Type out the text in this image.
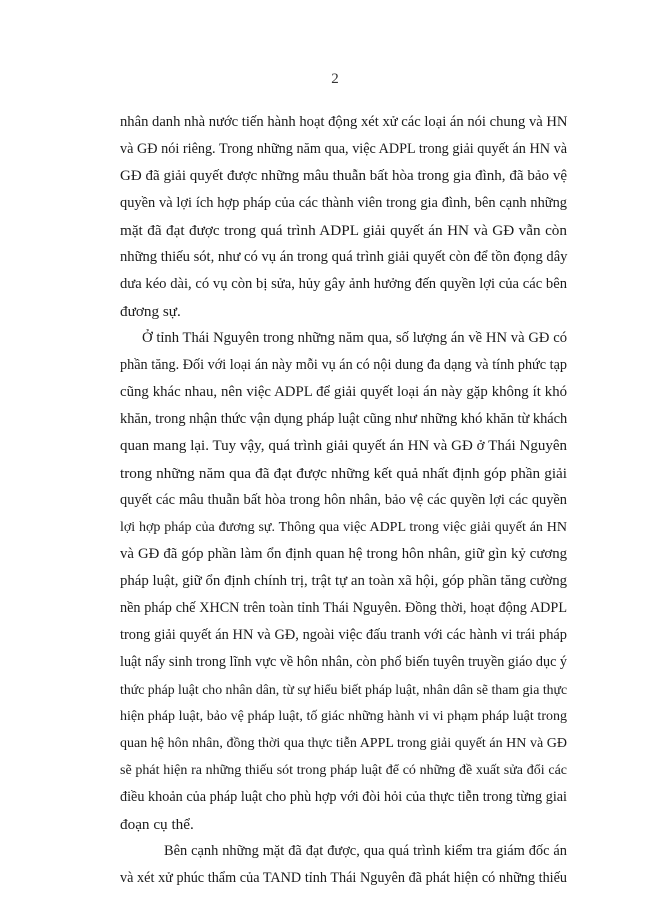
2
nhân danh nhà nước tiến hành hoạt động xét xử các loại án nói chung và HN
và GĐ nói riêng. Trong những năm qua, việc ADPL trong giải quyết án HN và
GĐ đã giải quyết được những mâu thuẫn bất hòa trong gia đình, đã bảo vệ
quyền và lợi ích hợp pháp của các thành viên trong gia đình, bên cạnh những
mặt đã đạt được trong quá trình ADPL giải quyết án HN và GĐ vẫn còn
những thiếu sót, như có vụ án trong quá trình giải quyết còn để tồn đọng dây
dưa kéo dài, có vụ còn bị sửa, hủy gây ảnh hưởng đến quyền lợi của các bên
đương sự.
Ở tỉnh Thái Nguyên trong những năm qua, số lượng án về HN và GĐ có
phần tăng. Đối với loại án này mỗi vụ án có nội dung đa dạng và tính phức tạp
cũng khác nhau, nên việc ADPL để giải quyết loại án này gặp không ít khó
khăn, trong nhận thức vận dụng pháp luật cũng như những khó khăn từ khách
quan mang lại. Tuy vậy, quá trình giải quyết án HN và GĐ ở Thái Nguyên
trong những năm qua đã đạt được những kết quả nhất định góp phần giải
quyết các mâu thuẫn bất hòa trong hôn nhân, bảo vệ các quyền lợi các quyền
lợi hợp pháp của đương sự. Thông qua việc ADPL trong việc giải quyết án HN
và GĐ đã góp phần làm ổn định quan hệ trong hôn nhân, giữ gìn kỷ cương
pháp luật, giữ ổn định chính trị, trật tự an toàn xã hội, góp phần tăng cường
nền pháp chế XHCN trên toàn tỉnh Thái Nguyên. Đồng thời, hoạt động ADPL
trong giải quyết án HN và GĐ, ngoài việc đấu tranh với các hành vi trái pháp
luật nẩy sinh trong lĩnh vực về hôn nhân, còn phổ biến tuyên truyền giáo dục ý
thức pháp luật cho nhân dân, từ sự hiểu biết pháp luật, nhân dân sẽ tham gia thực
hiện pháp luật, bảo vệ pháp luật, tố giác những hành vi vi phạm pháp luật trong
quan hệ hôn nhân, đồng thời qua thực tiễn APPL trong giải quyết án HN và GĐ
sẽ phát hiện ra những thiếu sót trong pháp luật để có những đề xuất sửa đổi các
điều khoản của pháp luật cho phù hợp với đòi hỏi của thực tiễn trong từng giai
đoạn cụ thể.
Bên cạnh những mặt đã đạt được, qua quá trình kiểm tra giám đốc án
và xét xử phúc thẩm của TAND tỉnh Thái Nguyên đã phát hiện có những thiếu
